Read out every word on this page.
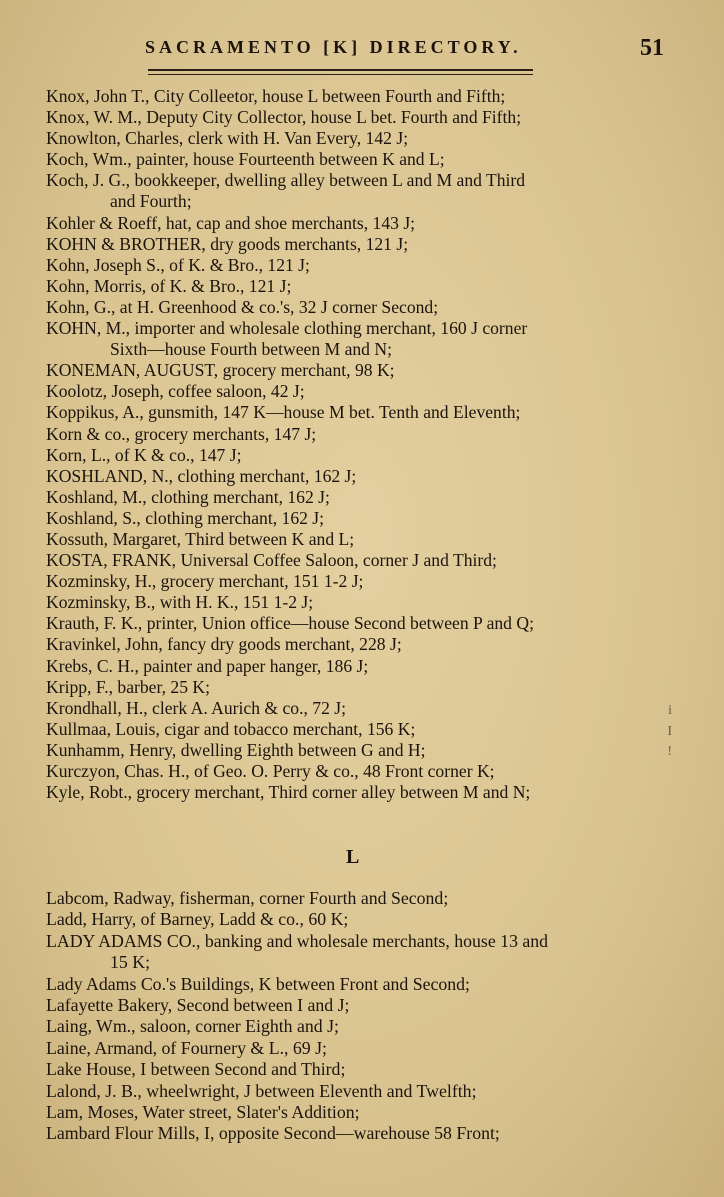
SACRAMENTO [K] DIRECTORY.	51
Knox, John T., City Colleetor, house L between Fourth and Fifth;
Knox, W. M., Deputy City Collector, house L bet. Fourth and Fifth;
Knowlton, Charles, clerk with H. Van Every, 142 J;
Koch, Wm., painter, house Fourteenth between K and L;
Koch, J. G., bookkeeper, dwelling alley between L and M and Third
and Fourth;
Kohler & Roeff, hat, cap and shoe merchants, 143 J;
KOHN & BROTHER, dry goods merchants, 121 J;
Kohn, Joseph S., of K. & Bro., 121 J;
Kohn, Morris, of K. & Bro., 121 J;
Kohn, G., at H. Greenhood & co.'s, 32 J corner Second;
KOHN, M., importer and wholesale clothing merchant, 160 J corner
Sixth—house Fourth between M and N;
KONEMAN, AUGUST, grocery merchant, 98 K;
Koolotz, Joseph, coffee saloon, 42 J;
Koppikus, A., gunsmith, 147 K—house M bet. Tenth and Eleventh;
Korn & co., grocery merchants, 147 J;
Korn, L., of K & co., 147 J;
KOSHLAND, N., clothing merchant, 162 J;
Koshland, M., clothing merchant, 162 J;
Koshland, S., clothing merchant, 162 J;
Kossuth, Margaret, Third between K and L;
KOSTA, FRANK, Universal Coffee Saloon, corner J and Third;
Kozminsky, H., grocery merchant, 151 1-2 J;
Kozminsky, B., with H. K., 151 1-2 J;
Krauth, F. K., printer, Union office—house Second between P and Q;
Kravinkel, John, fancy dry goods merchant, 228 J;
Krebs, C. H., painter and paper hanger, 186 J;
Kripp, F., barber, 25 K;
Krondhall, H., clerk A. Aurich & co., 72 J;
Kullmaa, Louis, cigar and tobacco merchant, 156 K;
Kunhamm, Henry, dwelling Eighth between G and H;
Kurczyon, Chas. H., of Geo. O. Perry & co., 48 Front corner K;
Kyle, Robt., grocery merchant, Third corner alley between M and N;
i
I
!
L
Labcom, Radway, fisherman, corner Fourth and Second;
Ladd, Harry, of Barney, Ladd & co., 60 K;
LADY ADAMS CO., banking and wholesale merchants, house 13 and
15 K;
Lady Adams Co.'s Buildings, K between Front and Second;
Lafayette Bakery, Second between I and J;
Laing, Wm., saloon, corner Eighth and J;
Laine, Armand, of Fournery & L., 69 J;
Lake House, I between Second and Third;
Lalond, J. B., wheelwright, J between Eleventh and Twelfth;
Lam, Moses, Water street, Slater's Addition;
Lambard Flour Mills, I, opposite Second—warehouse 58 Front;
